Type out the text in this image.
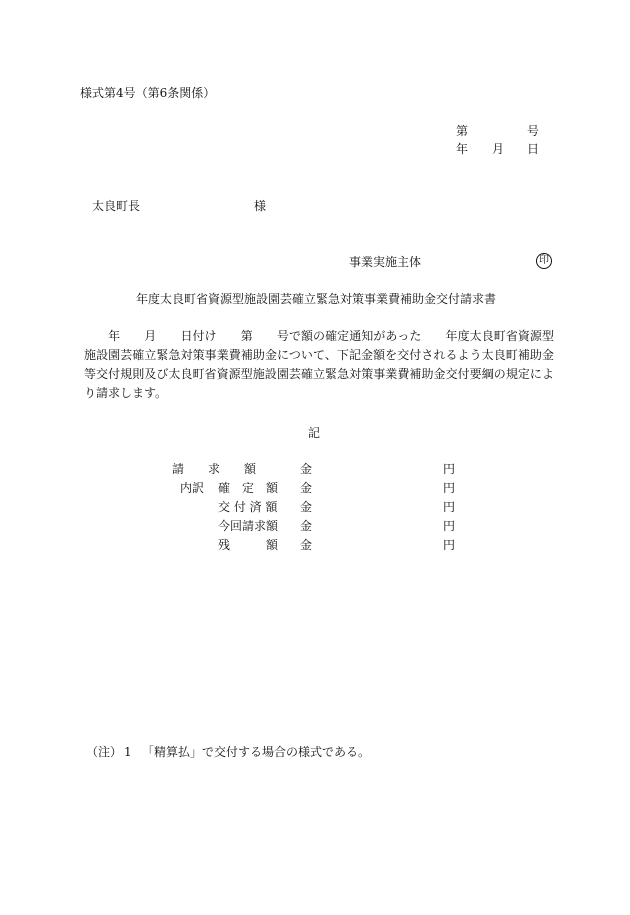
様式第4号（第6条関係）
第	号
年 月 日
太良町長	様
事業実施主体	印
年度太良町省資源型施設園芸確立緊急対策事業費補助金交付請求書

　　年　　月　　日付け　　第　　号で額の確定通知があった　　年度太良町省資源型施設園芸確立緊急対策事業費補助金について、下記金額を交付されるよう太良町補助金等交付規則及び太良町省資源型施設園芸確立緊急対策事業費補助金交付要綱の規定により請求します。

記
請　　求　　額	金	円
内訳 確　定　額 金	円
交 付 済 額 金	円
今回請求額 金	円
残　　　額 金	円
（注） 1 「精算払」で交付する場合の様式である。
